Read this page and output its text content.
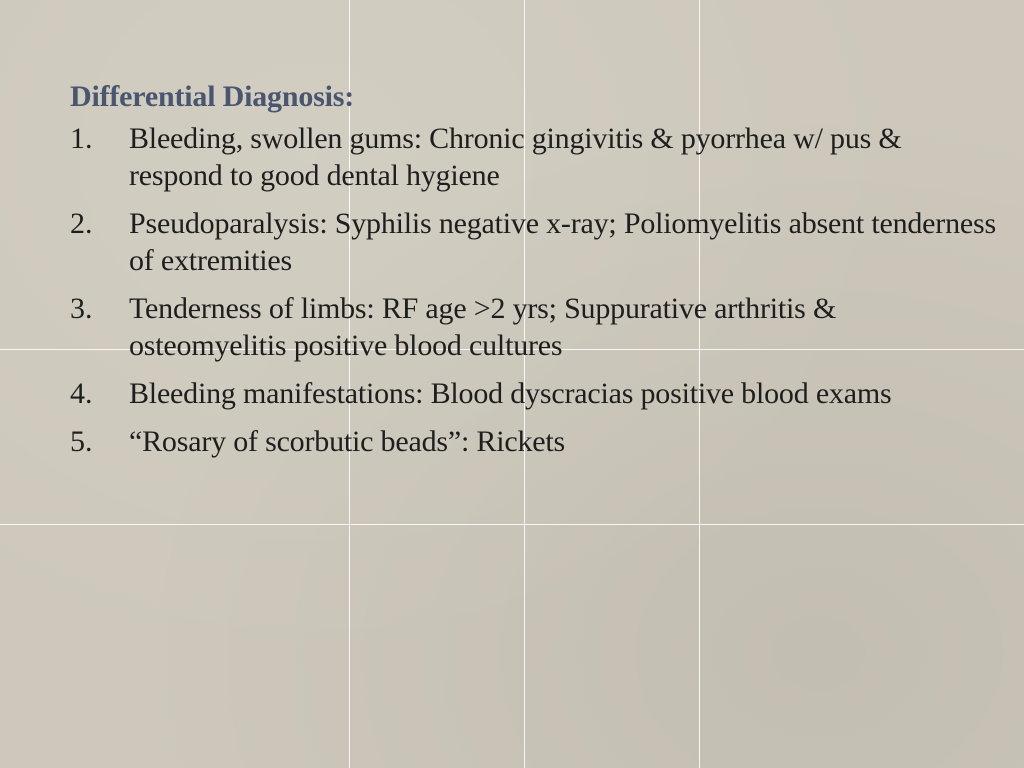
Differential Diagnosis:
1.	Bleeding, swollen gums: Chronic gingivitis & pyorrhea w/ pus & respond to good dental hygiene
2.	Pseudoparalysis: Syphilis negative x-ray; Poliomyelitis absent tenderness of extremities
3.	Tenderness of limbs: RF age >2 yrs; Suppurative arthritis & osteomyelitis positive blood cultures
4.	Bleeding manifestations: Blood dyscracias positive blood exams
5.	“Rosary of scorbutic beads”: Rickets
